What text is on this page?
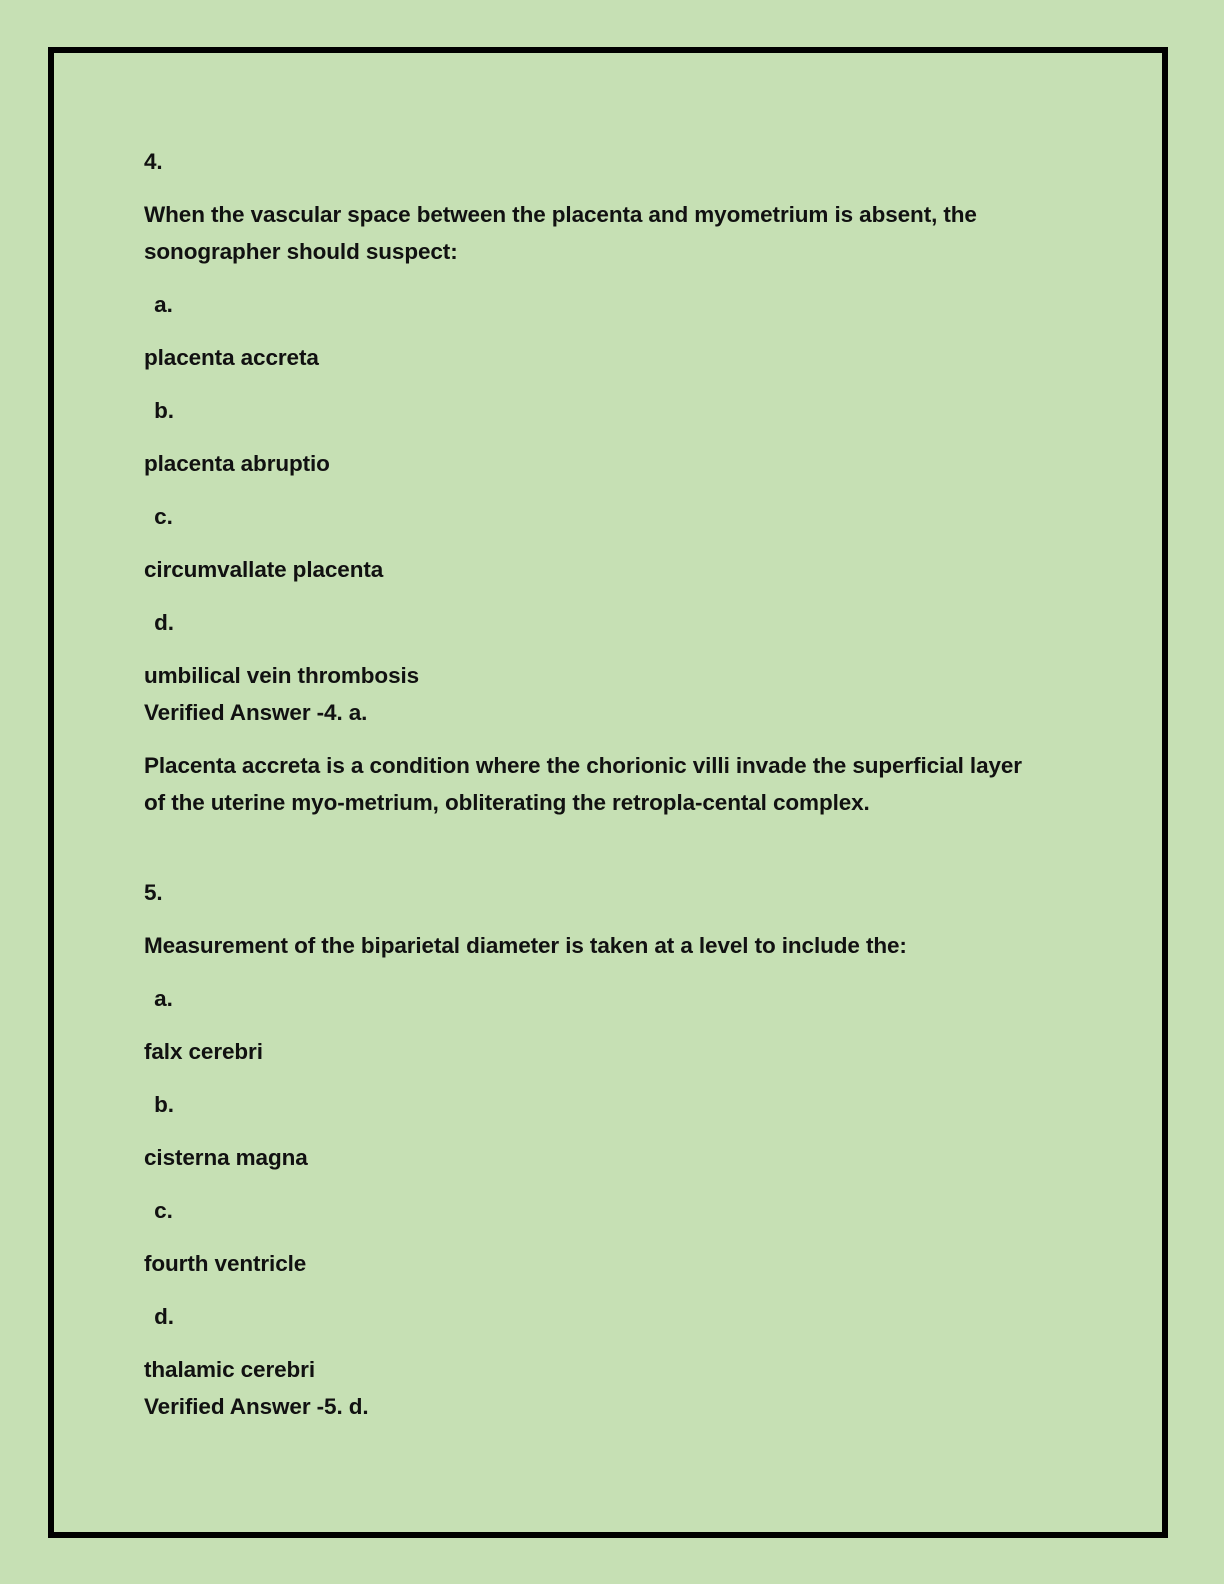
4.

When the vascular space between the placenta and myometrium is absent, the sonographer should suspect:

a.

placenta accreta

b.

placenta abruptio

c.

circumvallate placenta

d.

umbilical vein thrombosis

Verified Answer -4. a.

Placenta accreta is a condition where the chorionic villi invade the superficial layer of the uterine myo-metrium, obliterating the retropla-cental complex.

5.

Measurement of the biparietal diameter is taken at a level to include the:

a.

falx cerebri

b.

cisterna magna

c.

fourth ventricle

d.

thalamic cerebri

Verified Answer -5. d.
